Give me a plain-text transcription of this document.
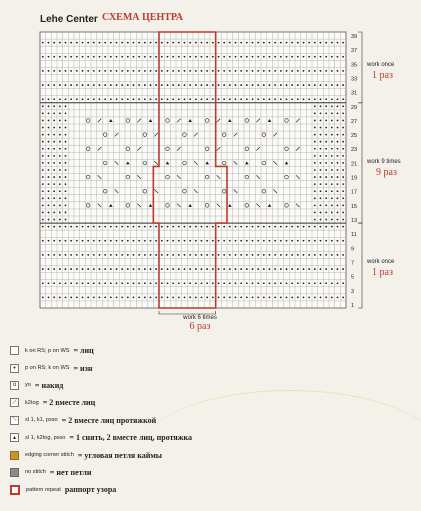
Lehe Center СХЕМА ЦЕНТРА
39
37
35
33
31
29
27
25
23
21
19
17
15
13
11
9
7
5
3
1
work once
1 раз
work 9 times
9 раз
work once
1 раз
work 6 times
6 раз
k on RS; p on WS = лиц
•
p on RS; k on WS = изн
o
yo = накид
⟋
k2tog = 2 вместе лиц
⟍
sl 1, k1, psso = 2 вместе лиц протяжкой
▴
sl 1, k2tog, psso = 1 снять, 2 вместе лиц, протяжка
edging corner stitch = угловая петля каймы
no stitch = нет петли
pattern repeat раппорт узора
